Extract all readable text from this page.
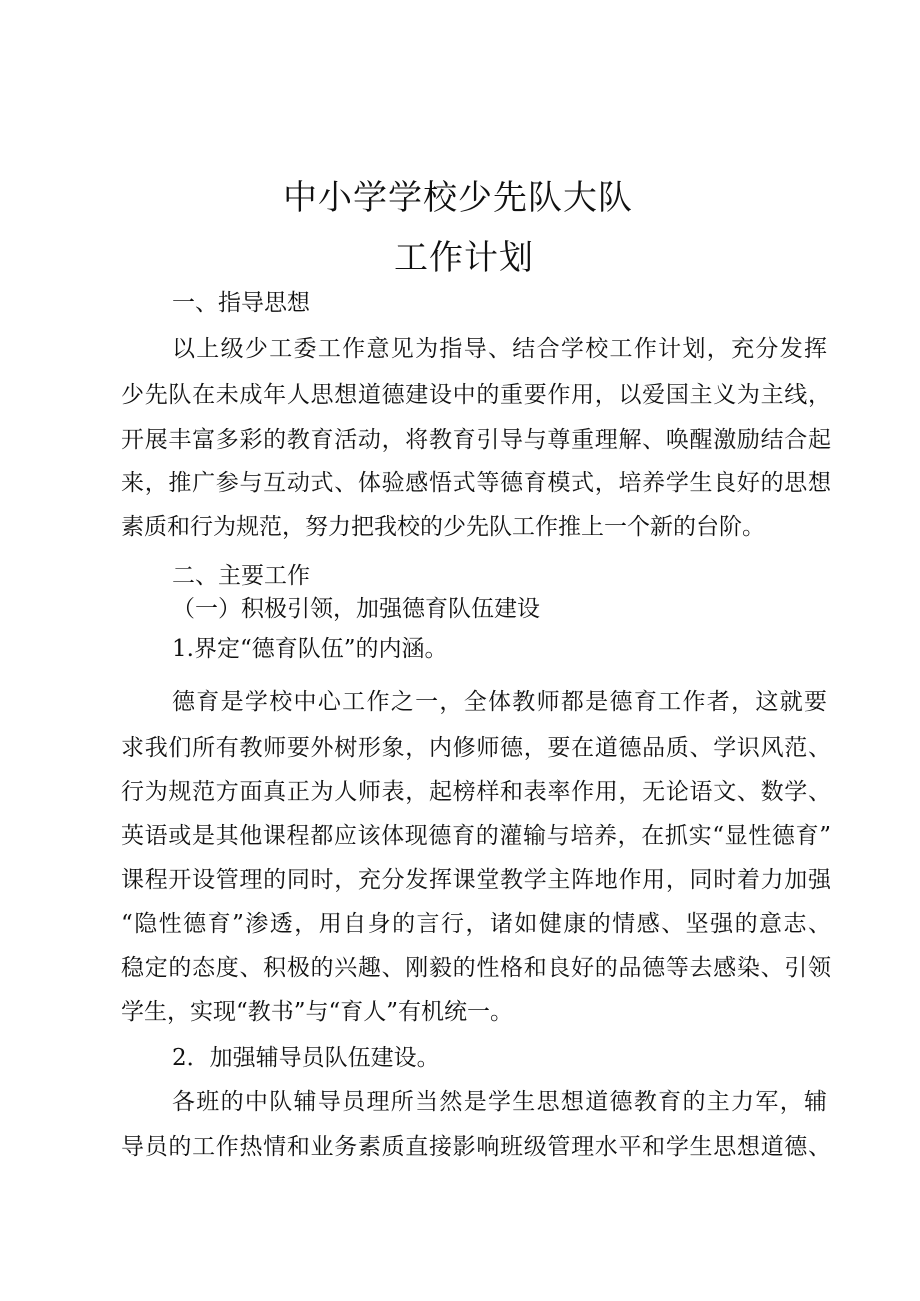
中小学学校少先队大队
工作计划
一、指导思想
以上级少工委工作意见为指导、结合学校工作计划，充分发挥
少先队在未成年人思想道德建设中的重要作用，以爱国主义为主线，
开展丰富多彩的教育活动，将教育引导与尊重理解、唤醒激励结合起
来，推广参与互动式、体验感悟式等德育模式，培养学生良好的思想
素质和行为规范，努力把我校的少先队工作推上一个新的台阶。
二、主要工作
（一）积极引领，加强德育队伍建设
1.界定“德育队伍”的内涵。
德育是学校中心工作之一，全体教师都是德育工作者，这就要
求我们所有教师要外树形象，内修师德，要在道德品质、学识风范、
行为规范方面真正为人师表，起榜样和表率作用，无论语文、数学、
英语或是其他课程都应该体现德育的灌输与培养，在抓实“显性德育”
课程开设管理的同时，充分发挥课堂教学主阵地作用，同时着力加强
“隐性德育”渗透，用自身的言行，诸如健康的情感、坚强的意志、
稳定的态度、积极的兴趣、刚毅的性格和良好的品德等去感染、引领
学生，实现“教书”与“育人”有机统一。
2．加强辅导员队伍建设。
各班的中队辅导员理所当然是学生思想道德教育的主力军，辅
导员的工作热情和业务素质直接影响班级管理水平和学生思想道德、
